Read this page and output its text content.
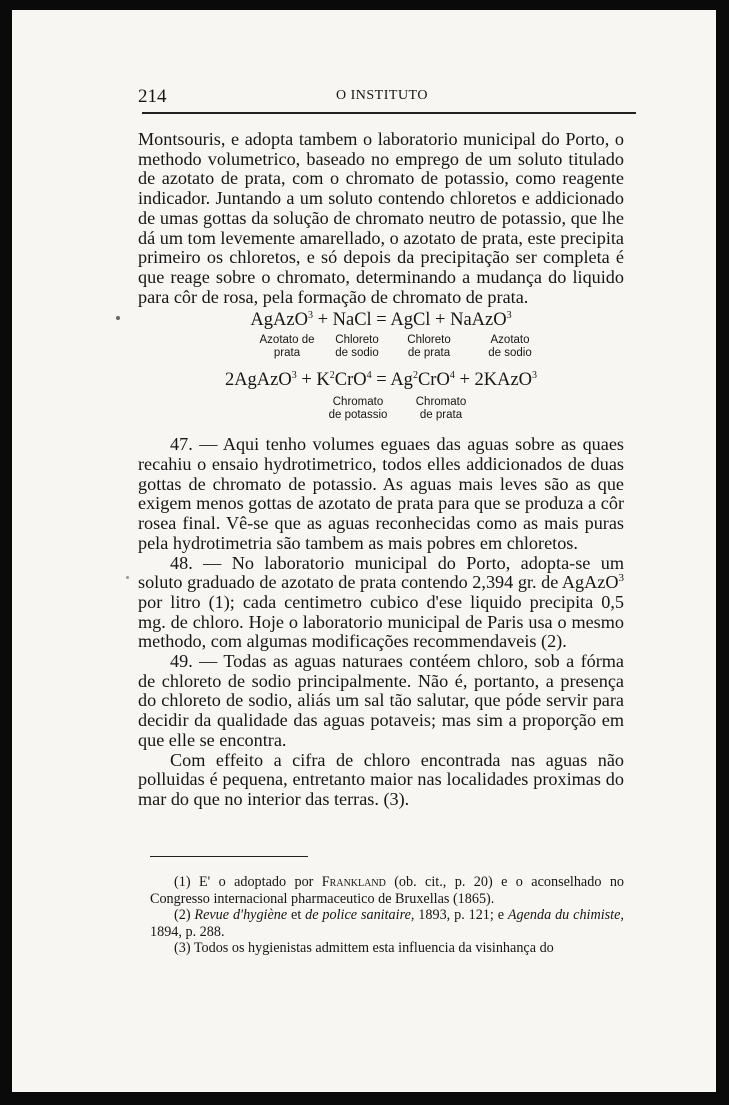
214	O INSTITUTO

Montsouris, e adopta tambem o laboratorio municipal do Porto, o methodo volumetrico, baseado no emprego de um soluto titulado de azotato de prata, com o chromato de potassio, como reagente indicador. Juntando a um soluto contendo chloretos e addicionado de umas gottas da solução de chromato neutro de potassio, que lhe dá um tom levemente amarellado, o azotato de prata, este precipita primeiro os chloretos, e só depois da precipitação ser completa é que reage sobre o chromato, determinando a mudança do liquido para côr de rosa, pela formação de chromato de prata.

AgAzO$^3$ + NaCl = AgCl + NaAzO$^3$
Azotato de
prata
Chloreto
de sodio
Chloreto
de prata
Azotato
de sodio
2AgAzO$^3$ + $K^2CrO^4 = Ag^2CrO^4$ + 2KAzO$^3$
Chromato
de potassio
Chromato
de prata

47. — Aqui tenho volumes eguaes das aguas sobre as quaes recahiu o ensaio hydrotimetrico, todos elles addicionados de duas gottas de chromato de potassio. As aguas mais leves são as que exigem menos gottas de azotato de prata para que se produza a côr rosea final. Vê-se que as aguas reconhecidas como as mais puras pela hydrotimetria são tambem as mais pobres em chloretos.

48. — No laboratorio municipal do Porto, adopta-se um soluto graduado de azotato de prata contendo 2,394 gr. de AgAzO$^3$ por litro (1); cada centimetro cubico d'ese liquido precipita 0,5 mg. de chloro. Hoje o laboratorio municipal de Paris usa o mesmo methodo, com algumas modificações recommendaveis (2).

49. — Todas as aguas naturaes contéem chloro, sob a fórma de chloreto de sodio principalmente. Não é, portanto, a presença do chloreto de sodio, aliás um sal tão salutar, que póde servir para decidir da qualidade das aguas potaveis; mas sim a proporção em que elle se encontra.

Com effeito a cifra de chloro encontrada nas aguas não polluidas é pequena, entretanto maior nas localidades proximas do mar do que no interior das terras. (3).

(1) E' o adoptado por Frankland (ob. cit., p. 20) e o aconselhado no Congresso internacional pharmaceutico de Bruxellas (1865).

(2) Revue d'hygiène et de police sanitaire, 1893, p. 121; e Agenda du chimiste, 1894, p. 288.

(3) Todos os hygienistas admittem esta influencia da visinhança do
